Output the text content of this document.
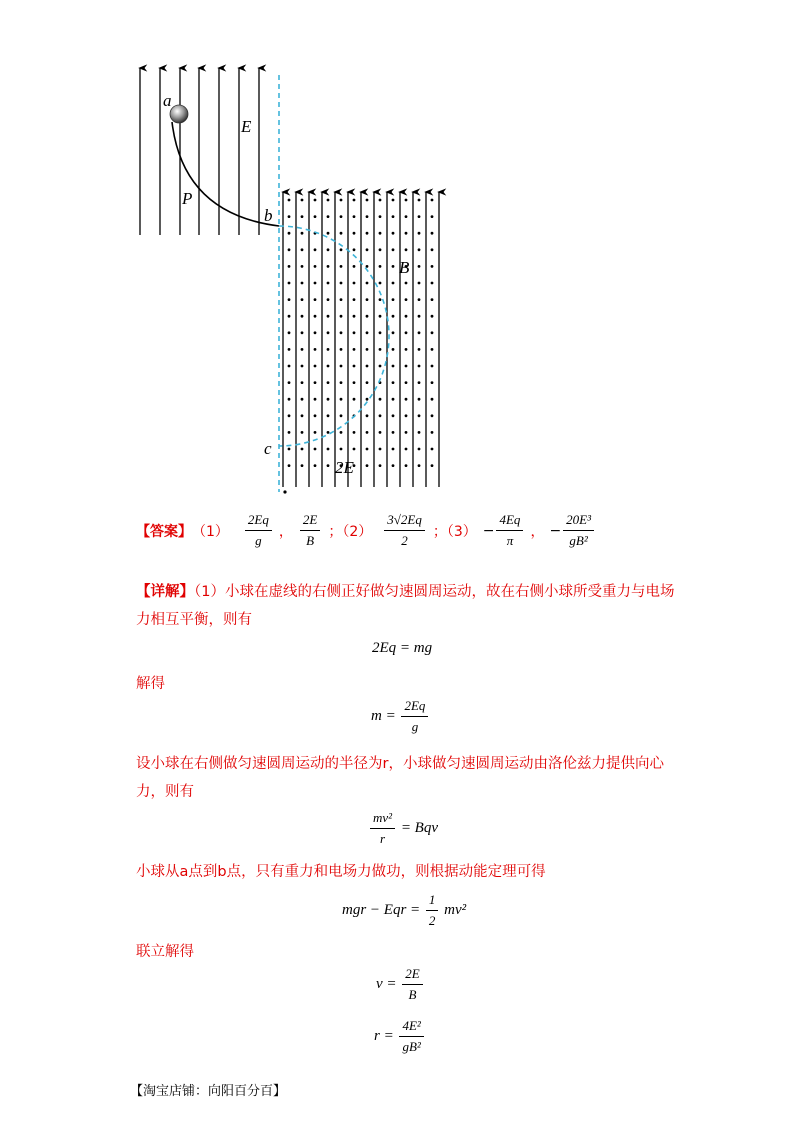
a
E
P
b
B
c
2E
【答案】 $(1) \frac{2Eq}{g}$ ， $\frac{2E}{B}$ ；$(2) \frac{3√2Eq}{2}$ ；$(3) - \frac{4Eq}{\pi}$ ， − $\frac{\text{20E³}}{\text{gB²}}$
【详解】（1）小球在虚线的右侧正好做匀速圆周运动，故在右侧小球所受重力与电场力相互平衡，则有
2Eq = mg
解得
$m = \frac{2Eq}{g}$
设小球在右侧做匀速圆周运动的半径为r，小球做匀速圆周运动由洛伦兹力提供向心力，则有
$\frac{\text{mv²}}{r}$ = Bqv
小球从a点到b点，只有重力和电场力做功，则根据动能定理可得
mgr − Eqr = $\frac{1}{2} mv^2$
联立解得
$v = \frac{2E}{B}$
$r = \frac{\text{4E²}}{\text{gB²}}$
【淘宝店铺：向阳百分百】
